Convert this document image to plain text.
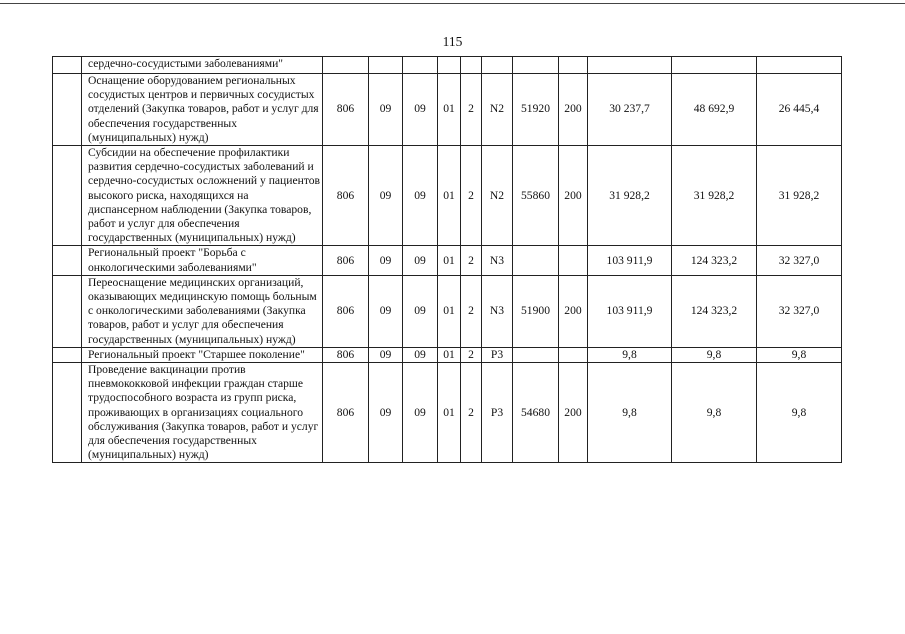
115
	сердечно-сосудистыми заболеваниями"											
	Оснащение оборудованием региональных сосудистых центров и первичных сосудистых отделений (Закупка товаров, работ и услуг для обеспечения государственных (муниципальных) нужд)	806	09	09	01	2	N2	51920	200	30 237,7	48 692,9	26 445,4
	Субсидии на обеспечение профилактики развития сердечно-сосудистых заболеваний и сердечно-сосудистых осложнений у пациентов высокого риска, находящихся на диспансерном наблюдении (Закупка товаров, работ и услуг для обеспечения государственных (муниципальных) нужд)	806	09	09	01	2	N2	55860	200	31 928,2	31 928,2	31 928,2
	Региональный проект "Борьба с онкологическими заболеваниями"	806	09	09	01	2	N3			103 911,9	124 323,2	32 327,0
	Переоснащение медицинских организаций, оказывающих медицинскую помощь больным с онкологическими заболеваниями (Закупка товаров, работ и услуг для обеспечения государственных (муниципальных) нужд)	806	09	09	01	2	N3	51900	200	103 911,9	124 323,2	32 327,0
	Региональный проект "Старшее поколение"	806	09	09	01	2	P3			9,8	9,8	9,8
	Проведение вакцинации против пневмококковой инфекции граждан старше трудоспособного возраста из групп риска, проживающих в организациях социального обслуживания (Закупка товаров, работ и услуг для обеспечения государственных (муниципальных) нужд)	806	09	09	01	2	P3	54680	200	9,8	9,8	9,8
